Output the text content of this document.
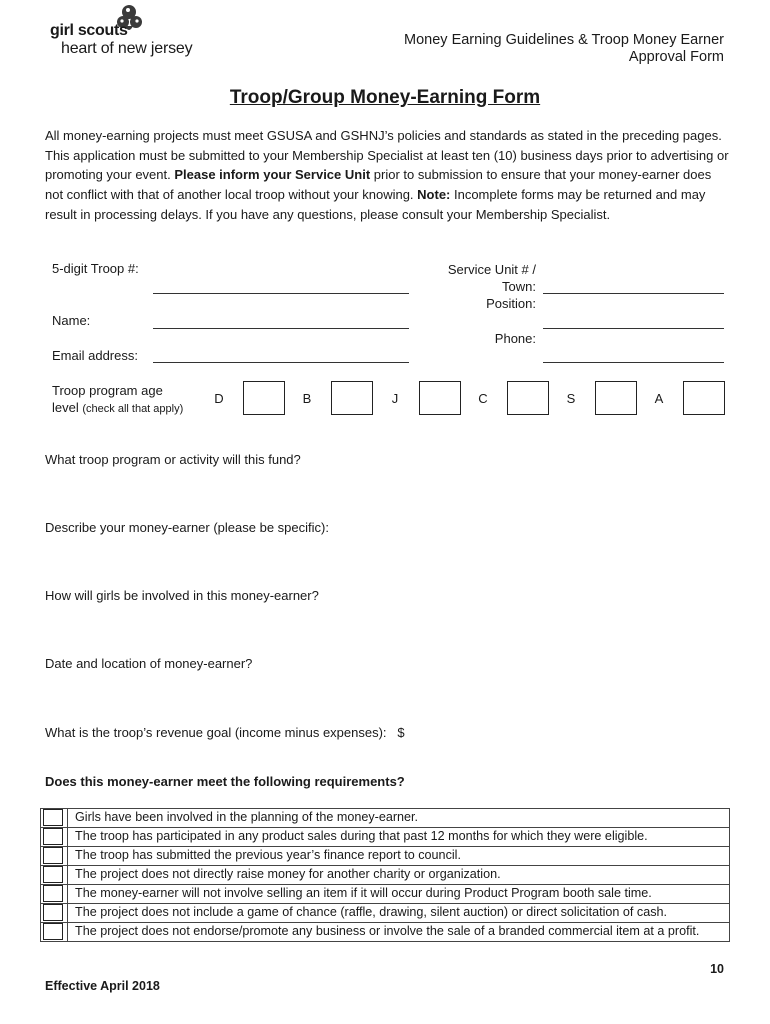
girl scouts
heart of new jersey	Money Earning Guidelines & Troop Money Earner
Approval Form
Troop/Group Money-Earning Form
All money-earning projects must meet GSUSA and GSHNJ’s policies and standards as stated in the preceding pages. This application must be submitted to your Membership Specialist at least ten (10) business days prior to advertising or promoting your event. Please inform your Service Unit prior to submission to ensure that your money-earner does not conflict with that of another local troop without your knowing. Note: Incomplete forms may be returned and may result in processing delays. If you have any questions, please consult your Membership Specialist.
5-digit Troop #:
Name:
Email address:
Service Unit # /
Town:
Position:
Phone:
Troop program age
level (check all that apply)
D	B	J	C	S	A
What troop program or activity will this fund?
Describe your money-earner (please be specific):
How will girls be involved in this money-earner?
Date and location of money-earner?
What is the troop’s revenue goal (income minus expenses):   $
Does this money-earner meet the following requirements?
	Girls have been involved in the planning of the money-earner.

	The troop has participated in any product sales during that past 12 months for which they were eligible.

	The troop has submitted the previous year’s finance report to council.

	The project does not directly raise money for another charity or organization.

	The money-earner will not involve selling an item if it will occur during Product Program booth sale time.

	The project does not include a game of chance (raffle, drawing, silent auction) or direct solicitation of cash.

	The project does not endorse/promote any business or involve the sale of a branded commercial item at a profit.
10
Effective April 2018
